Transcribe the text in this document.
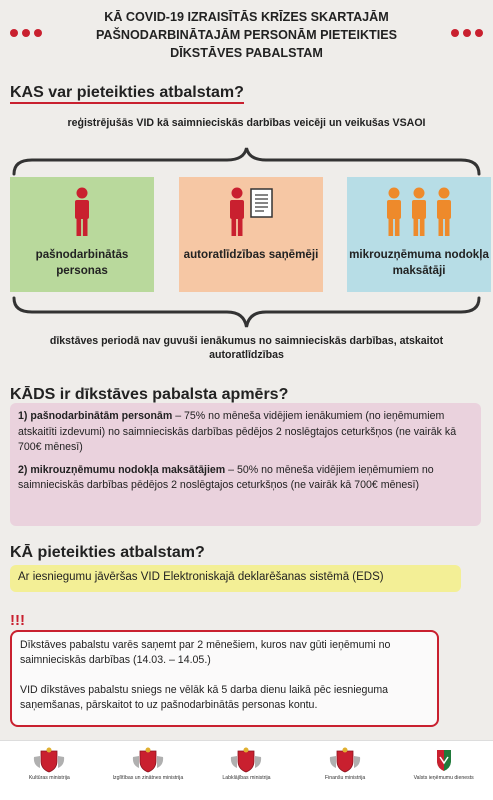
KĀ COVID-19 IZRAISĪTĀS KRĪZES SKARTAJĀM PAŠNODARBINĀTAJĀM PERSONĀM PIETEIKTIES DĪKSTĀVES PABALSTAM
KAS var pieteikties atbalstam?
reģistrējušās VID kā saimnieciskās darbības veicēji un veikušas VSAOI
pašnodarbinātās personas
autoratlīdzības saņēmēji	mikrouzņēmuma nodokļa maksātāji
dīkstāves periodā nav guvuši ienākumus no saimnieciskās darbības, atskaitot autoratlīdzības
KĀDS ir dīkstāves pabalsta apmērs?

1) pašnodarbinātām personām – 75% no mēneša vidējiem ienākumiem (no ieņēmumiem atskaitīti izdevumi) no saimnieciskās darbības pēdējos 2 noslēgtajos ceturkšņos (ne vairāk kā 700€ mēnesī)

2) mikrouzņēmumu nodokļa maksātājiem – 50% no mēneša vidējiem ieņēmumiem no saimnieciskās darbības pēdējos 2 noslēgtajos ceturkšņos (ne vairāk kā 700€ mēnesī)

KĀ pieteikties atbalstam?
Ar iesniegumu jāvēršas VID Elektroniskajā deklarēšanas sistēmā (EDS)
!!!

Dīkstāves pabalstu varēs saņemt par 2 mēnešiem, kuros nav gūti ieņēmumi no saimnieciskās darbības (14.03. – 14.05.)

VID dīkstāves pabalstu sniegs ne vēlāk kā 5 darba dienu laikā pēc iesnieguma saņemšanas, pārskaitot to uz pašnodarbinātās personas kontu.

Kultūras ministrija	Izglītības un zinātnes ministrija	Labklājības ministrija	Finanšu ministrija	Valsts ieņēmumu dienests
